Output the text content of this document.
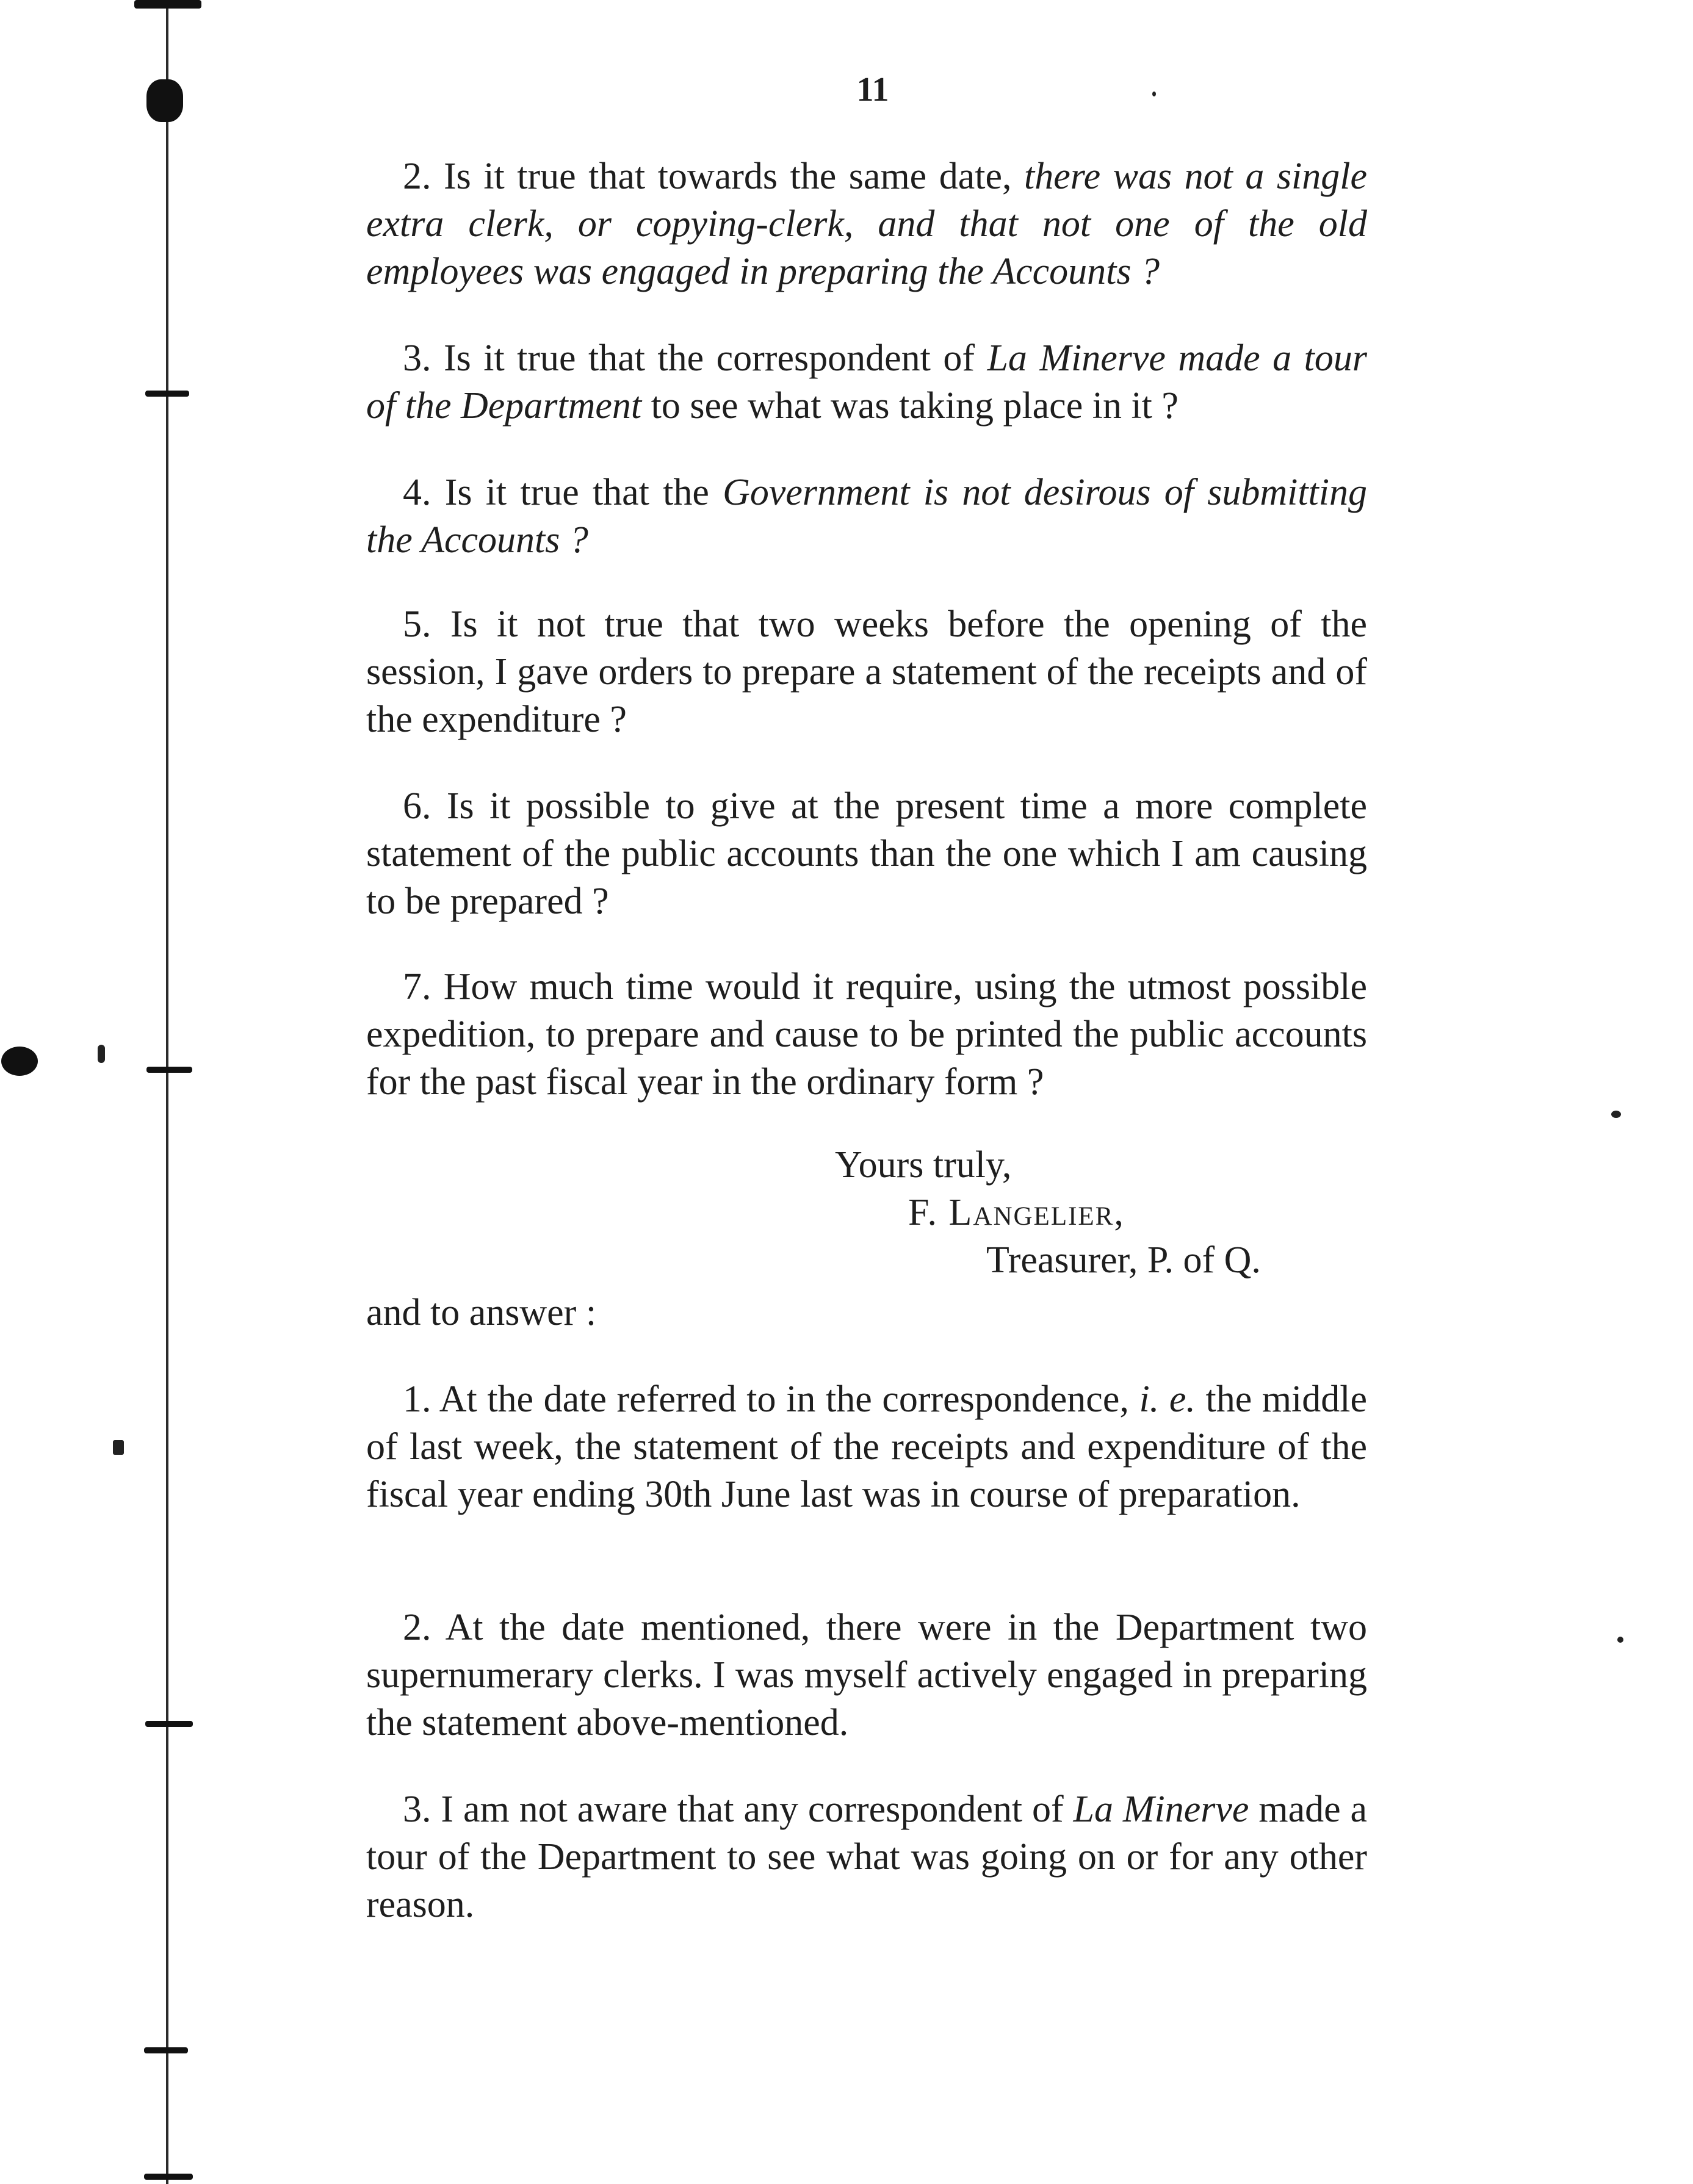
11

2. Is it true that towards the same date, there was not a single extra clerk, or copying-clerk, and that not one of the old employees was engaged in preparing the Accounts ?

3. Is it true that the correspondent of La Minerve made a tour of the Department to see what was taking place in it ?

4. Is it true that the Government is not desirous of submitting the Accounts ?

5. Is it not true that two weeks before the opening of the session, I gave orders to prepare a statement of the receipts and of the expenditure ?

6. Is it possible to give at the present time a more complete statement of the public accounts than the one which I am causing to be prepared ?

7. How much time would it require, using the utmost possible expedition, to prepare and cause to be printed the public accounts for the past fiscal year in the ordinary form ?

Yours truly,
F. Langelier,
Treasurer, P. of Q.

and to answer :

1. At the date referred to in the correspondence, i. e. the middle of last week, the statement of the receipts and expenditure of the fiscal year ending 30th June last was in course of preparation.

2. At the date mentioned, there were in the Department two supernumerary clerks. I was myself actively engaged in preparing the statement above-mentioned.

3. I am not aware that any correspondent of La Minerve made a tour of the Department to see what was going on or for any other reason.
